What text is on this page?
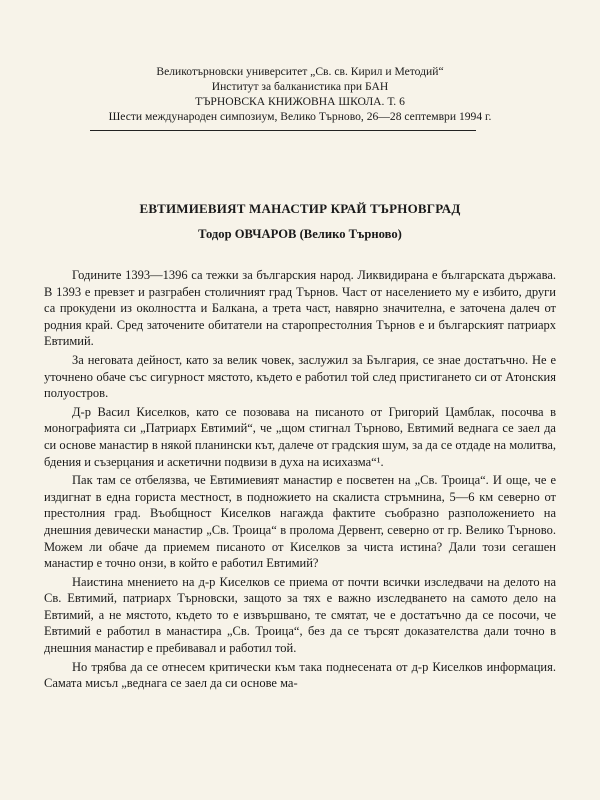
Великотърновски университет „Св. св. Кирил и Методий“
Институт за балканистика при БАН
ТЪРНОВСКА КНИЖОВНА ШКОЛА. Т. 6
Шести международен симпозиум, Велико Търново, 26—28 септември 1994 г.
ЕВТИМИЕВИЯТ МАНАСТИР КРАЙ ТЪРНОВГРАД
Тодор ОВЧАРОВ (Велико Търново)

Годините 1393—1396 са тежки за българския народ. Ликвидирана е българската държава. В 1393 е превзет и разграбен столичният град Търнов. Част от населението му е избито, други са прокудени из околността и Балкана, а трета част, навярно значителна, е заточена далеч от родния край. Сред заточените обитатели на старопрестолния Търнов е и българският патриарх Евтимий.

За неговата дейност, като за велик човек, заслужил за България, се знае достатъчно. Не е уточнено обаче със сигурност мястото, където е работил той след пристигането си от Атонския полуостров.

Д-р Васил Киселков, като се позовава на писаното от Григорий Цамблак, посочва в монографията си „Патриарх Евтимий“, че „щом стигнал Търново, Евтимий веднага се заел да си основе манастир в някой планински кът, далече от градския шум, за да се отдаде на молитва, бдения и съзерцания и аскетични подвизи в духа на исихазма“¹.

Пак там се отбелязва, че Евтимиевият манастир е посветен на „Св. Троица“. И още, че е издигнат в една гориста местност, в подножието на скалиста стръмнина, 5—6 км северно от престолния град. Въобщност Киселков нагажда фактите съобразно разположението на днешния девически манастир „Св. Троица“ в пролома Дервент, северно от гр. Велико Търново. Можем ли обаче да приемем писаното от Киселков за чиста истина? Дали този сегашен манастир е точно онзи, в който е работил Евтимий?

Наистина мнението на д-р Киселков се приема от почти всички изследвачи на делото на Св. Евтимий, патриарх Търновски, защото за тях е важно изследването на самото дело на Евтимий, а не мястото, където то е извършвано, те смятат, че е достатъчно да се посочи, че Евтимий е работил в манастира „Св. Троица“, без да се търсят доказателства дали точно в днешния манастир е пребивавал и работил той.

Но трябва да се отнесем критически към така поднесената от д-р Киселков информация. Самата мисъл „веднага се заел да си основе ма-
